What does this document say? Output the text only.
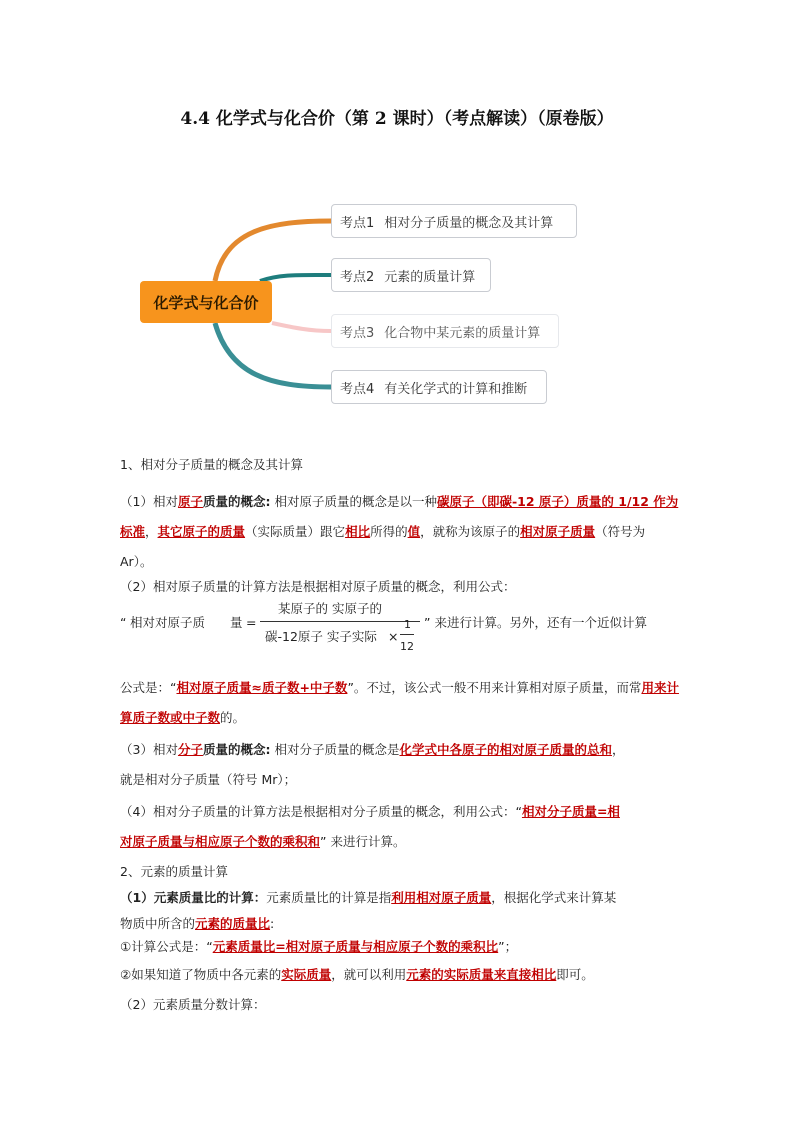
4.4 化学式与化合价（第 2 课时）（考点解读）（原卷版）
化学式与化合价
考点1 相对分子质量的概念及其计算
考点2 元素的质量计算
考点3 化合物中某元素的质量计算
考点4 有关化学式的计算和推断
1、相对分子质量的概念及其计算
（1）相对原子质量的概念: 相对原子质量的概念是以一种碳原子（即碳-12 原子）质量的 1/12 作为标准，其它原子的质量（实际质量）跟它相比所得的值，就称为该原子的相对原子质量（符号为 Ar）。
（2）相对原子质量的计算方法是根据相对原子质量的概念，利用公式：
“ 相对对原子质 量 =
某原子的 实原子的
碳-12原子 实子实际 ×
1
12
” 来进行计算。另外，还有一个近似计算
公式是：“相对原子质量≈质子数+中子数”。不过，该公式一般不用来计算相对原子质量，而常用来计算质子数或中子数的。
（3）相对分子质量的概念: 相对分子质量的概念是化学式中各原子的相对原子质量的总和，
就是相对分子质量（符号 Mr）；
（4）相对分子质量的计算方法是根据相对分子质量的概念，利用公式：“相对分子质量=相
对原子质量与相应原子个数的乘积和” 来进行计算。
2、元素的质量计算
（1）元素质量比的计算：元素质量比的计算是指利用相对原子质量，根据化学式来计算某
物质中所含的元素的质量比:
①计算公式是：“元素质量比=相对原子质量与相应原子个数的乘积比”；
②如果知道了物质中各元素的实际质量，就可以利用元素的实际质量来直接相比即可。
（2）元素质量分数计算：
